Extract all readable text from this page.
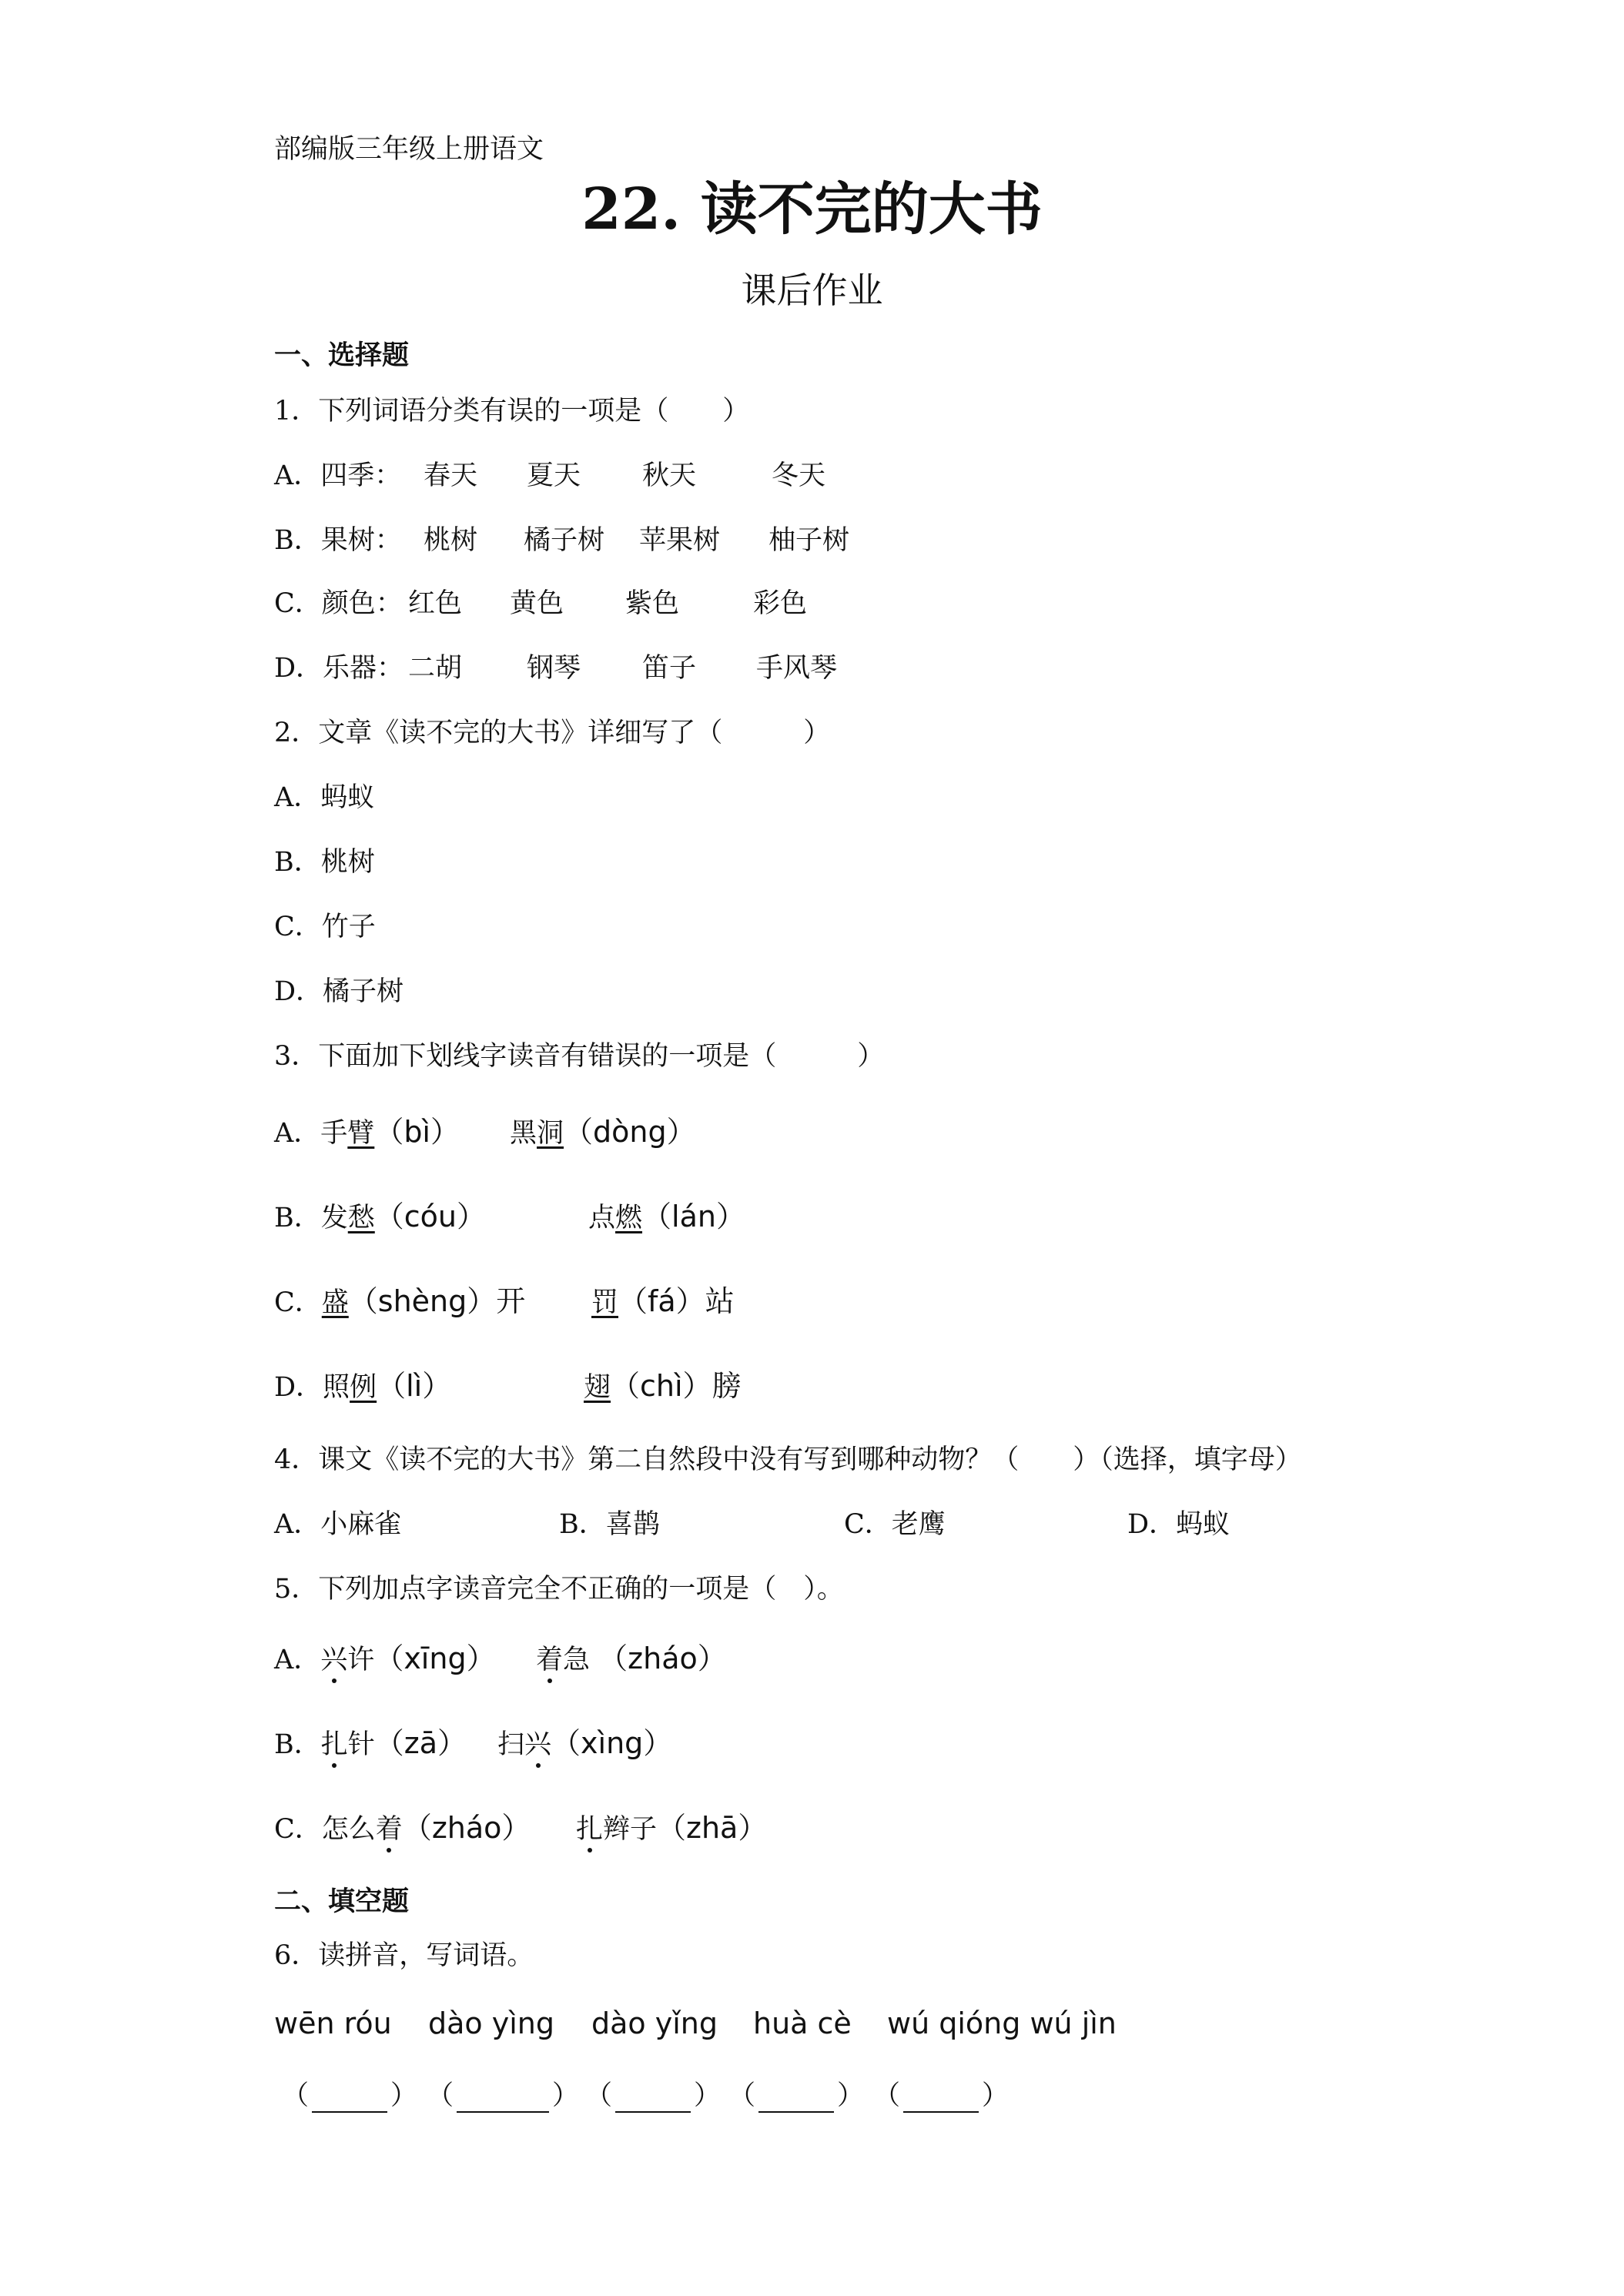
部编版三年级上册语文
22. 读不完的大书
课后作业
一、选择题
1．下列词语分类有误的一项是（　　）
A．四季： 春天 夏天 秋天	冬天
B．果树： 桃树 橘子树 苹果树 柚子树
C．颜色： 红色 黄色 紫色	彩色
D．乐器： 二胡 钢琴 笛子 手风琴
2．文章《读不完的大书》详细写了（　　　）
A．蚂蚁
B．桃树
C．竹子
D．橘子树
3．下面加下划线字读音有错误的一项是（　　　）
A．手臂（bì） 黑洞（dòng）
B．发愁（cóu）	点燃（lán）
C．盛（shèng）开 罚（fá）站
D．照例（lì）	翅（chì）膀
4．课文《读不完的大书》第二自然段中没有写到哪种动物？（　　）（选择，填字母）
A．小麻雀	B．喜鹊	C．老鹰	D．蚂蚁
5．下列加点字读音完全不正确的一项是（　）。
A．兴许（xīng） 着急 （zháo）
B．扎针（zā） 扫兴（xìng）
C．怎么着（zháo） 扎辫子（zhā）
二、填空题
6．读拼音，写词语。
wēn róu dào yìng dào yǐng huà cè wú qióng wú jìn
（	） （	） （	） （	） （	）
